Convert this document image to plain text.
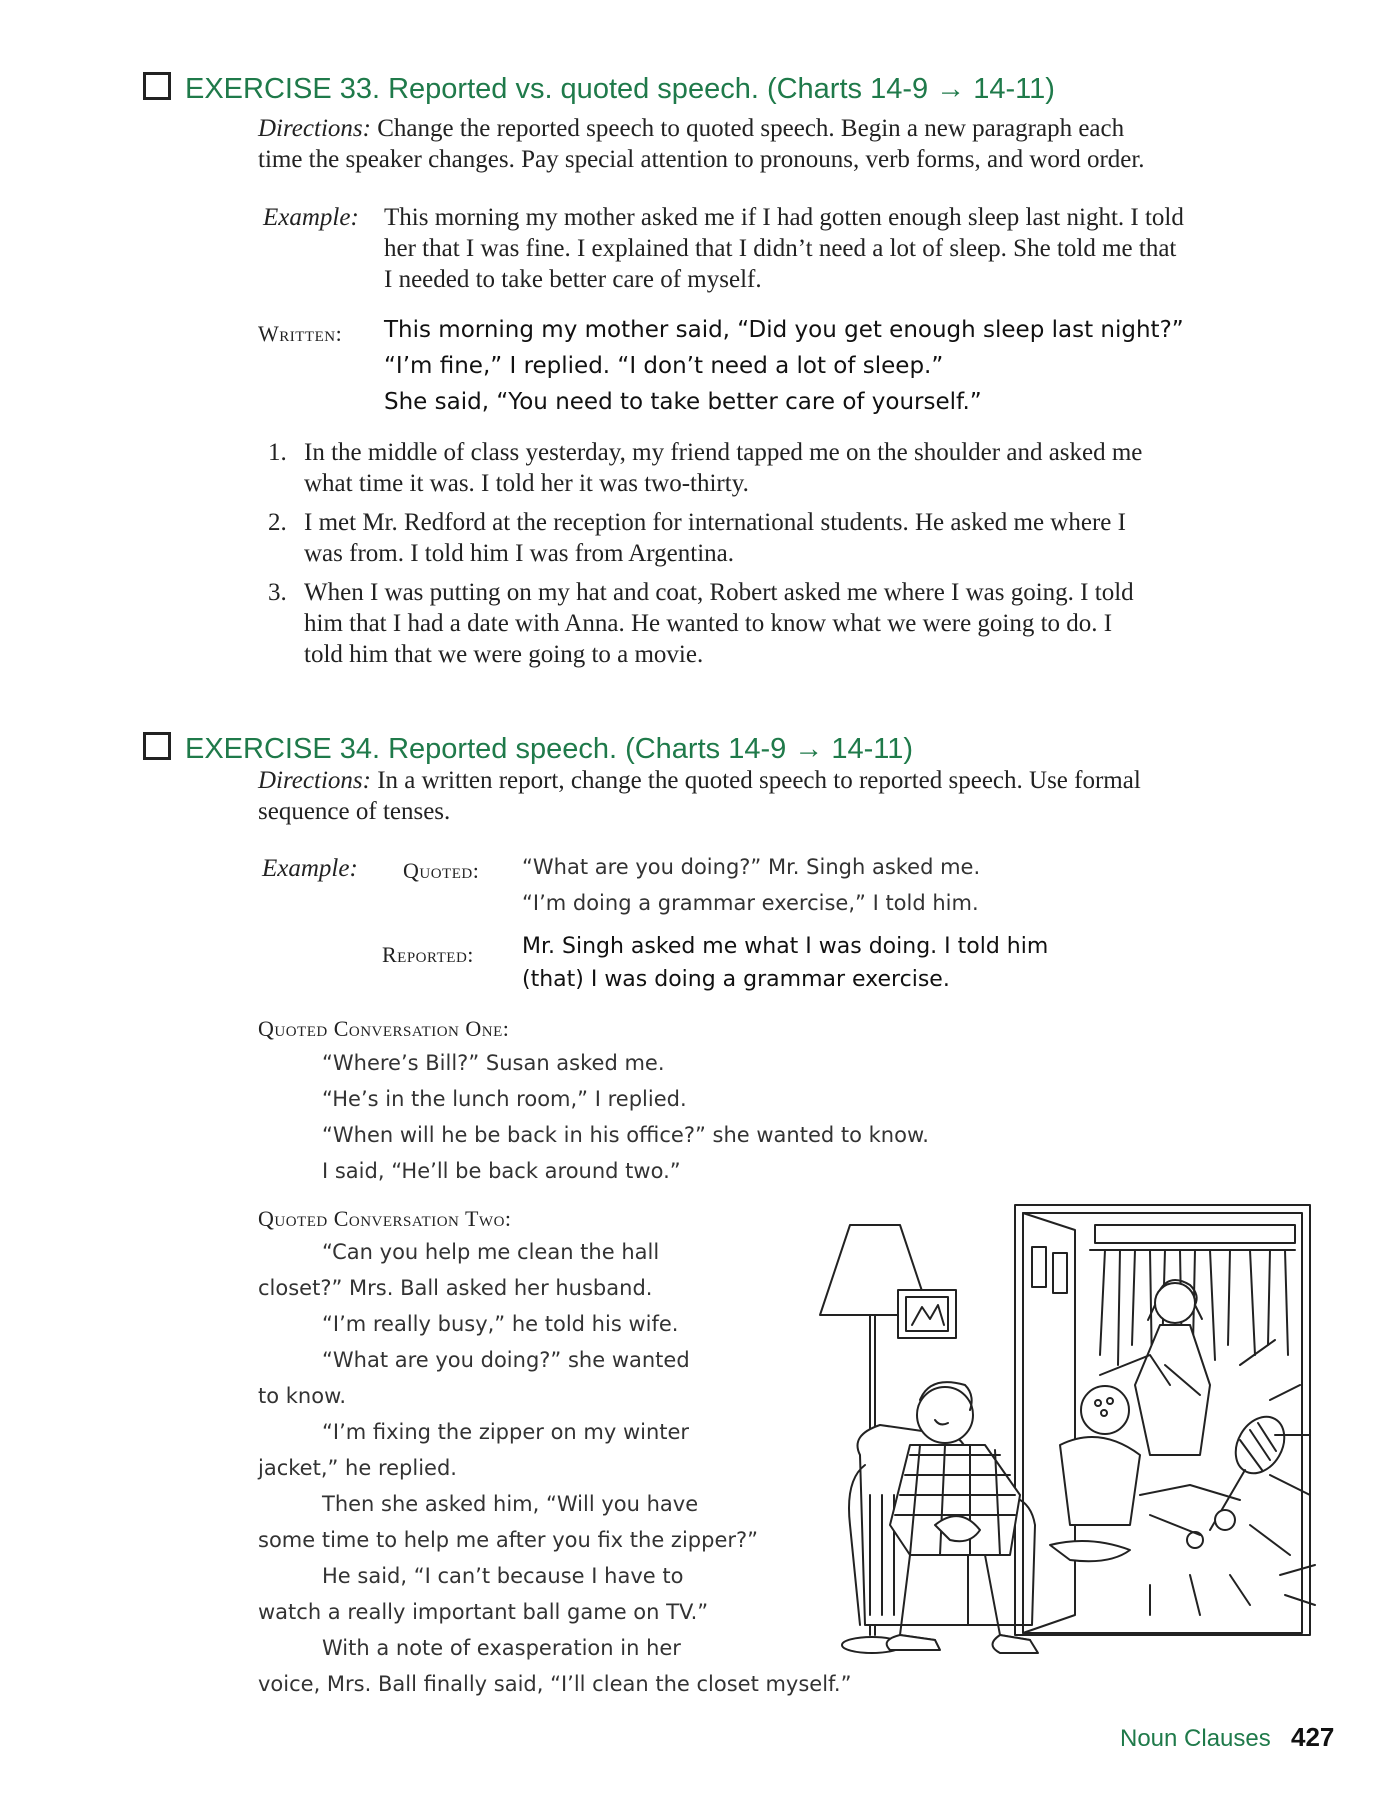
EXERCISE 33. Reported vs. quoted speech. (Charts 14-9 → 14-11)
Directions: Change the reported speech to quoted speech. Begin a new paragraph each
time the speaker changes. Pay special attention to pronouns, verb forms, and word order.
Example: This morning my mother asked me if I had gotten enough sleep last night. I told
her that I was fine. I explained that I didn’t need a lot of sleep. She told me that
I needed to take better care of myself.
Written: This morning my mother said, “Did you get enough sleep last night?”
“I’m fine,” I replied. “I don’t need a lot of sleep.”
She said, “You need to take better care of yourself.”
1. In the middle of class yesterday, my friend tapped me on the shoulder and asked me
what time it was. I told her it was two-thirty.
2. I met Mr. Redford at the reception for international students. He asked me where I
was from. I told him I was from Argentina.
3. When I was putting on my hat and coat, Robert asked me where I was going. I told
him that I had a date with Anna. He wanted to know what we were going to do. I
told him that we were going to a movie.
EXERCISE 34. Reported speech. (Charts 14-9 → 14-11)
Directions: In a written report, change the quoted speech to reported speech. Use formal
sequence of tenses.
Example: Quoted: “What are you doing?” Mr. Singh asked me.
“I’m doing a grammar exercise,” I told him.
Reported: Mr. Singh asked me what I was doing. I told him
(that) I was doing a grammar exercise.
Quoted Conversation One:
“Where’s Bill?” Susan asked me.
“He’s in the lunch room,” I replied.
“When will he be back in his office?” she wanted to know.
I said, “He’ll be back around two.”
Quoted Conversation Two:
“Can you help me clean the hall
closet?” Mrs. Ball asked her husband.
“I’m really busy,” he told his wife.
“What are you doing?” she wanted
to know.
“I’m fixing the zipper on my winter
jacket,” he replied.
Then she asked him, “Will you have
some time to help me after you fix the zipper?”
He said, “I can’t because I have to
watch a really important ball game on TV.”
With a note of exasperation in her
voice, Mrs. Ball finally said, “I’ll clean the closet myself.”
Noun Clauses 427
